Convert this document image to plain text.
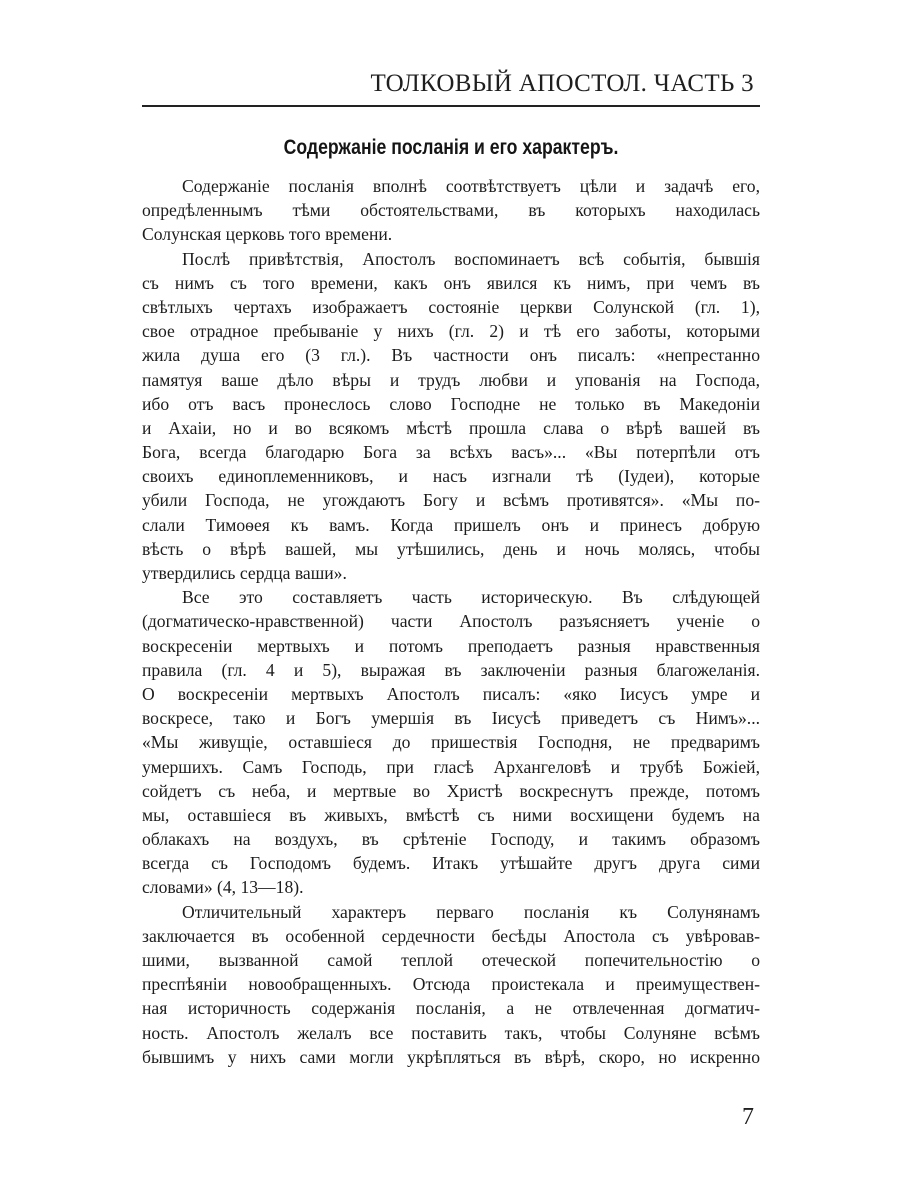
ТОЛКОВЫЙ АПОСТОЛ. ЧАСТЬ 3
Содержаніе посланія и его характеръ.
Содержаніе посланія вполнѣ соотвѣтствуетъ цѣли и задачѣ его,
опредѣленнымъ тѣми обстоятельствами, въ которыхъ находилась
Солунская церковь того времени.
Послѣ привѣтствія, Апостолъ воспоминаетъ всѣ событія, бывшія
съ нимъ съ того времени, какъ онъ явился къ нимъ, при чемъ въ
свѣтлыхъ чертахъ изображаетъ состояніе церкви Солунской (гл. 1),
свое отрадное пребываніе у нихъ (гл. 2) и тѣ его заботы, которыми
жила душа его (3 гл.). Въ частности онъ писалъ: «непрестанно
памятуя ваше дѣло вѣры и трудъ любви и упованія на Господа,
ибо отъ васъ пронеслось слово Господне не только въ Македоніи
и Ахаіи, но и во всякомъ мѣстѣ прошла слава о вѣрѣ вашей въ
Бога, всегда благодарю Бога за всѣхъ васъ»... «Вы потерпѣли отъ
своихъ единоплеменниковъ, и насъ изгнали тѣ (Іудеи), которые
убили Господа, не угождаютъ Богу и всѣмъ противятся». «Мы по-
слали Тимоѳея къ вамъ. Когда пришелъ онъ и принесъ добрую
вѣсть о вѣрѣ вашей, мы утѣшились, день и ночь молясь, чтобы
утвердились сердца ваши».
Все это составляетъ часть историческую. Въ слѣдующей
(догматическо-нравственной) части Апостолъ разъясняетъ ученіе о
воскресеніи мертвыхъ и потомъ преподаетъ разныя нравственныя
правила (гл. 4 и 5), выражая въ заключеніи разныя благожеланія.
О воскресеніи мертвыхъ Апостолъ писалъ: «яко Іисусъ умре и
воскресе, тако и Богъ умершія въ Іисусѣ приведетъ съ Нимъ»...
«Мы живущіе, оставшіеся до пришествія Господня, не предваримъ
умершихъ. Самъ Господь, при гласѣ Архангеловѣ и трубѣ Божіей,
сойдетъ съ неба, и мертвые во Христѣ воскреснутъ прежде, потомъ
мы, оставшіеся въ живыхъ, вмѣстѣ съ ними восхищени будемъ на
облакахъ на воздухъ, въ срѣтеніе Господу, и такимъ образомъ
всегда съ Господомъ будемъ. Итакъ утѣшайте другъ друга сими
словами» (4, 13—18).
Отличительный характеръ перваго посланія къ Солунянамъ
заключается въ особенной сердечности бесѣды Апостола съ увѣровав-
шими, вызванной самой теплой отеческой попечительностію о
преспѣяніи новообращенныхъ. Отсюда проистекала и преимуществен-
ная историчность содержанія посланія, а не отвлеченная догматич-
ность. Апостолъ желалъ все поставить такъ, чтобы Солуняне всѣмъ
бывшимъ у нихъ сами могли укрѣпляться въ вѣрѣ, скоро, но искренно
7
